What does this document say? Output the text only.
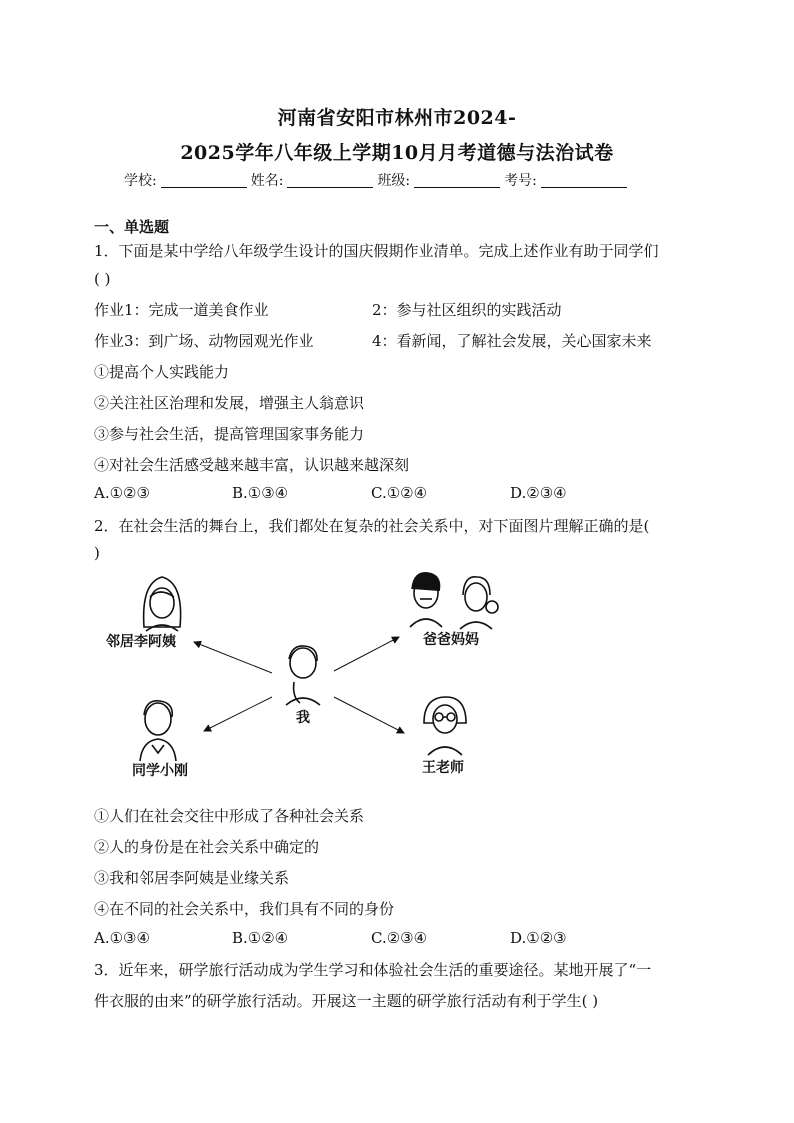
河南省安阳市林州市2024-
2025学年八年级上学期10月月考道德与法治试卷
学校:	姓名:	班级:	考号:
一、单选题
1．下面是某中学给八年级学生设计的国庆假期作业清单。完成上述作业有助于同学们
( )
作业1：完成一道美食作业	2：参与社区组织的实践活动
作业3：到广场、动物园观光作业	4：看新闻，了解社会发展，关心国家未来
①提高个人实践能力
②关注社区治理和发展，增强主人翁意识
③参与社会生活，提高管理国家事务能力
④对社会生活感受越来越丰富，认识越来越深刻
A.①②③	B.①③④	C.①②④	D.②③④
2．在社会生活的舞台上，我们都处在复杂的社会关系中，对下面图片理解正确的是(
)
邻居李阿姨	爸爸妈妈
我
同学小刚	王老师
①人们在社会交往中形成了各种社会关系
②人的身份是在社会关系中确定的
③我和邻居李阿姨是业缘关系
④在不同的社会关系中，我们具有不同的身份
A.①③④	B.①②④	C.②③④	D.①②③
3．近年来，研学旅行活动成为学生学习和体验社会生活的重要途径。某地开展了“一
件衣服的由来”的研学旅行活动。开展这一主题的研学旅行活动有利于学生( )
